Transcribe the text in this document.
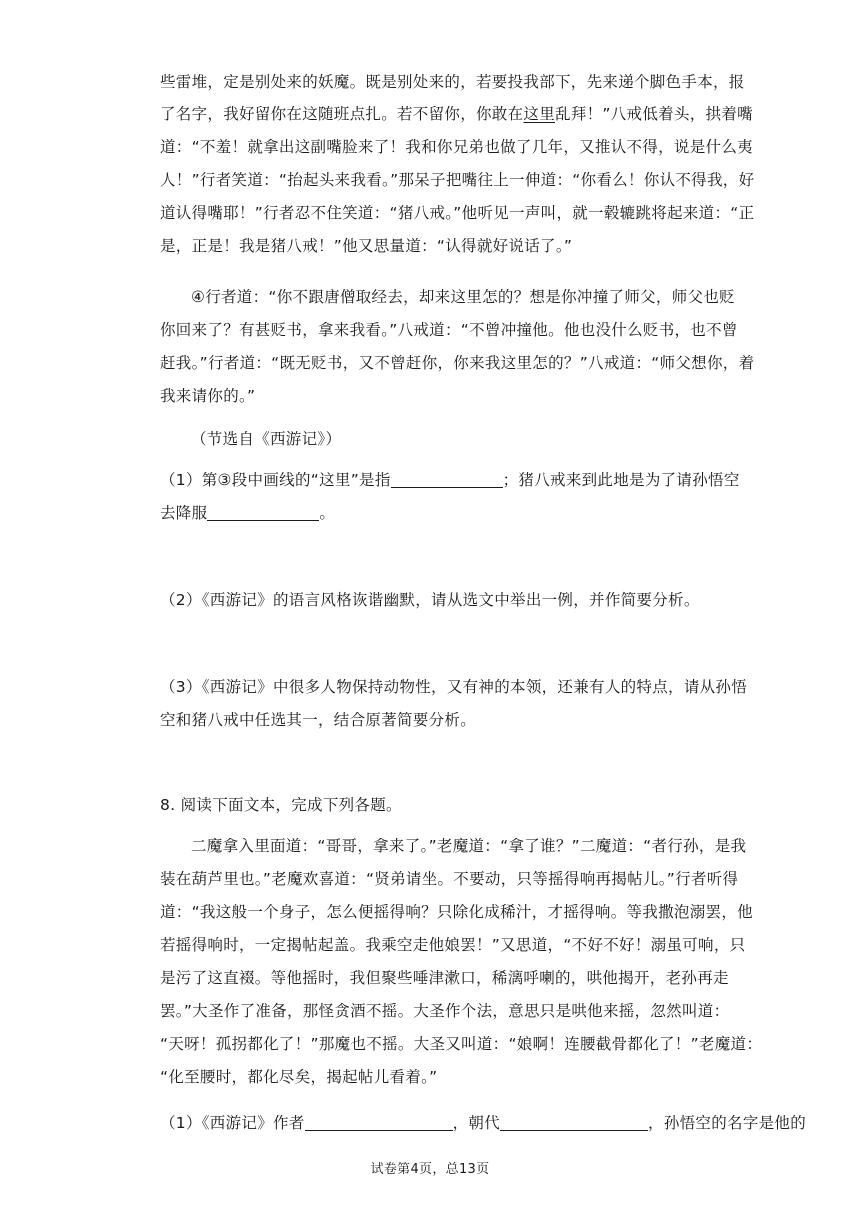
些雷堆，定是别处来的妖魔。既是别处来的，若要投我部下，先来递个脚色手本，报
了名字，我好留你在这随班点扎。若不留你，你敢在这里乱拜！”八戒低着头，拱着嘴
道：“不羞！就拿出这副嘴脸来了！我和你兄弟也做了几年，又推认不得，说是什么夷
人！”行者笑道：“抬起头来我看。”那呆子把嘴往上一伸道：“你看么！你认不得我，好
道认得嘴耶！”行者忍不住笑道：“猪八戒。”他听见一声叫，就一毂辘跳将起来道：“正
是，正是！我是猪八戒！”他又思量道：“认得就好说话了。”
④行者道：“你不跟唐僧取经去，却来这里怎的？想是你冲撞了师父，师父也贬
你回来了？有甚贬书，拿来我看。”八戒道：“不曾冲撞他。他也没什么贬书，也不曾
赶我。”行者道：“既无贬书，又不曾赶你，你来我这里怎的？”八戒道：“师父想你，着
我来请你的。”
（节选自《西游记》）
（1）第③段中画线的“这里”是指	；猪八戒来到此地是为了请孙悟空
去降服	。
（2）《西游记》的语言风格诙谐幽默，请从选文中举出一例，并作简要分析。
（3）《西游记》中很多人物保持动物性，又有神的本领，还兼有人的特点，请从孙悟
空和猪八戒中任选其一，结合原著简要分析。
8. 阅读下面文本，完成下列各题。
二魔拿入里面道：“哥哥，拿来了。”老魔道：“拿了谁？”二魔道：“者行孙，是我
装在葫芦里也。”老魔欢喜道：“贤弟请坐。不要动，只等摇得响再揭帖儿。”行者听得
道：“我这般一个身子，怎么便摇得响？只除化成稀汁，才摇得响。等我撒泡溺罢，他
若摇得响时，一定揭帖起盖。我乘空走他娘罢！”又思道，“不好不好！溺虽可响，只
是污了这直裰。等他摇时，我但聚些唾津漱口，稀漓呼喇的，哄他揭开，老孙再走
罢。”大圣作了准备，那怪贪酒不摇。大圣作个法，意思只是哄他来摇，忽然叫道：
“天呀！孤拐都化了！”那魔也不摇。大圣又叫道：“娘啊！连腰截骨都化了！”老魔道：
“化至腰时，都化尽矣，揭起帖儿看着。”
（1）《西游记》作者	，朝代	，孙悟空的名字是他的
试卷第4页，总13页
